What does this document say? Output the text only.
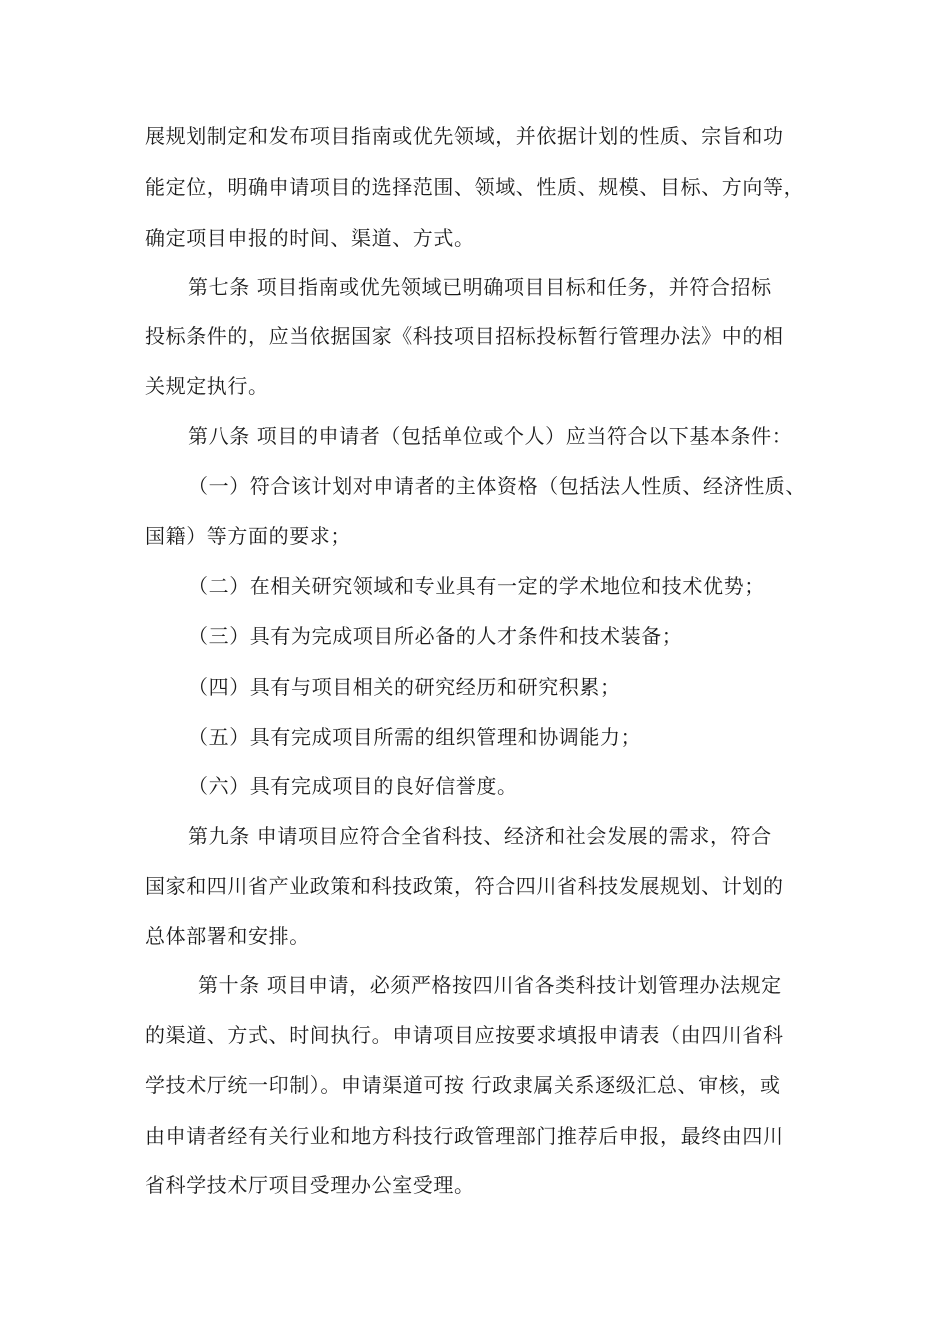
展规划制定和发布项目指南或优先领域，并依据计划的性质、宗旨和功
能定位，明确申请项目的选择范围、领域、性质、规模、目标、方向等，
确定项目申报的时间、渠道、方式。
第七条 项目指南或优先领域已明确项目目标和任务，并符合招标
投标条件的，应当依据国家《科技项目招标投标暂行管理办法》中的相
关规定执行。
第八条 项目的申请者（包括单位或个人）应当符合以下基本条件：
（一）符合该计划对申请者的主体资格（包括法人性质、经济性质、
国籍）等方面的要求；
（二）在相关研究领域和专业具有一定的学术地位和技术优势；
（三）具有为完成项目所必备的人才条件和技术装备；
（四）具有与项目相关的研究经历和研究积累；
（五）具有完成项目所需的组织管理和协调能力；
（六）具有完成项目的良好信誉度。
第九条 申请项目应符合全省科技、经济和社会发展的需求，符合
国家和四川省产业政策和科技政策，符合四川省科技发展规划、计划的
总体部署和安排。
第十条 项目申请，必须严格按四川省各类科技计划管理办法规定
的渠道、方式、时间执行。申请项目应按要求填报申请表（由四川省科
学技术厅统一印制）。申请渠道可按 行政隶属关系逐级汇总、审核，或
由申请者经有关行业和地方科技行政管理部门推荐后申报，最终由四川
省科学技术厅项目受理办公室受理。
